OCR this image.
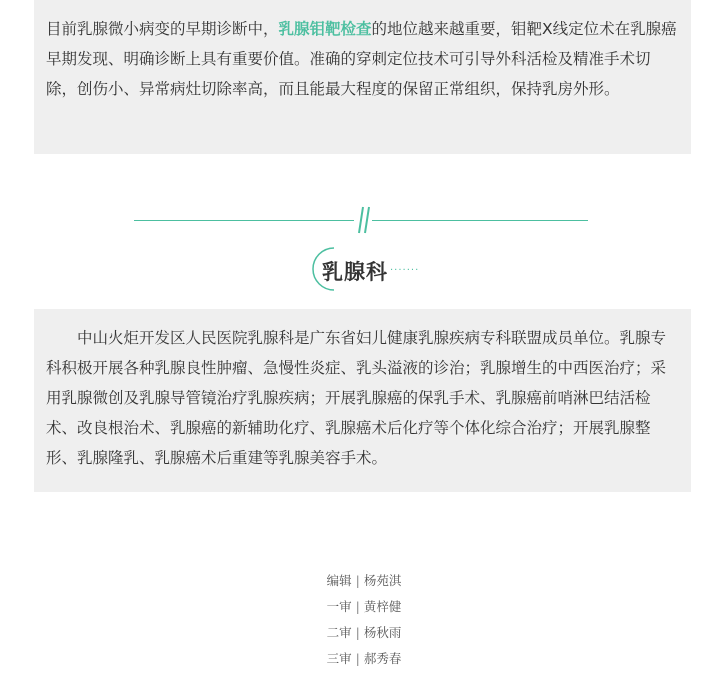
目前乳腺微小病变的早期诊断中，乳腺钼靶检查的地位越来越重要，钼靶X线定位术在乳腺癌早期发现、明确诊断上具有重要价值。准确的穿刺定位技术可引导外科活检及精准手术切除，创伤小、异常病灶切除率高，而且能最大程度的保留正常组织，保持乳房外形。
乳腺科 ·······
中山火炬开发区人民医院乳腺科是广东省妇儿健康乳腺疾病专科联盟成员单位。乳腺专科积极开展各种乳腺良性肿瘤、急慢性炎症、乳头溢液的诊治；乳腺增生的中西医治疗；采用乳腺微创及乳腺导管镜治疗乳腺疾病；开展乳腺癌的保乳手术、乳腺癌前哨淋巴结活检术、改良根治术、乳腺癌的新辅助化疗、乳腺癌术后化疗等个体化综合治疗；开展乳腺整形、乳腺隆乳、乳腺癌术后重建等乳腺美容手术。
编辑 | 杨苑淇
一审 | 黄梓健
二审 | 杨秋雨
三审 | 郝秀春
